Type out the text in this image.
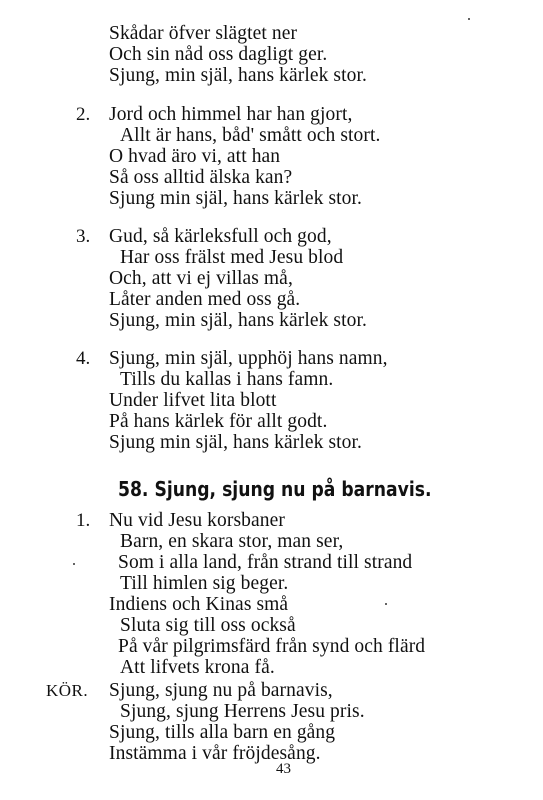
Skådar öfver slägtet ner
Och sin nåd oss dagligt ger.
Sjung, min själ, hans kärlek stor.
2. Jord och himmel har han gjort,
Allt är hans, båd' smått och stort.
O hvad äro vi, att han
Så oss alltid älska kan?
Sjung min själ, hans kärlek stor.
3. Gud, så kärleksfull och god,
Har oss frälst med Jesu blod
Och, att vi ej villas må,
Låter anden med oss gå.
Sjung, min själ, hans kärlek stor.
4. Sjung, min själ, upphöj hans namn,
Tills du kallas i hans famn.
Under lifvet lita blott
På hans kärlek för allt godt.
Sjung min själ, hans kärlek stor.
58. Sjung, sjung nu på barnavis.
1. Nu vid Jesu korsbaner
Barn, en skara stor, man ser,
Som i alla land, från strand till strand
Till himlen sig beger.
Indiens och Kinas små
Sluta sig till oss också
På vår pilgrimsfärd från synd och flärd
Att lifvets krona få.
KÖR. Sjung, sjung nu på barnavis,
Sjung, sjung Herrens Jesu pris.
Sjung, tills alla barn en gång
Instämma i vår fröjdesång.
43
